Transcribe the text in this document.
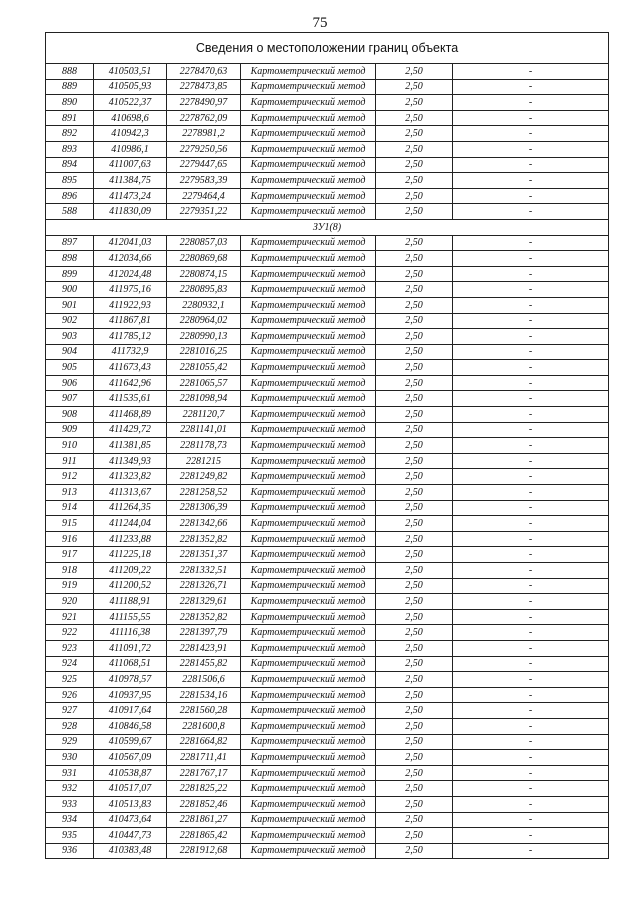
75
Сведения о местоположении границ объекта					
888	410503,51	2278470,63	Картометрический метод	2,50	-
889	410505,93	2278473,85	Картометрический метод	2,50	-
890	410522,37	2278490,97	Картометрический метод	2,50	-
891	410698,6	2278762,09	Картометрический метод	2,50	-
892	410942,3	2278981,2	Картометрический метод	2,50	-
893	410986,1	2279250,56	Картометрический метод	2,50	-
894	411007,63	2279447,65	Картометрический метод	2,50	-
895	411384,75	2279583,39	Картометрический метод	2,50	-
896	411473,24	2279464,4	Картометрический метод	2,50	-
588	411830,09	2279351,22	Картометрический метод	2,50	-
ЗУ1(8)					
897	412041,03	2280857,03	Картометрический метод	2,50	-
898	412034,66	2280869,68	Картометрический метод	2,50	-
899	412024,48	2280874,15	Картометрический метод	2,50	-
900	411975,16	2280895,83	Картометрический метод	2,50	-
901	411922,93	2280932,1	Картометрический метод	2,50	-
902	411867,81	2280964,02	Картометрический метод	2,50	-
903	411785,12	2280990,13	Картометрический метод	2,50	-
904	411732,9	2281016,25	Картометрический метод	2,50	-
905	411673,43	2281055,42	Картометрический метод	2,50	-
906	411642,96	2281065,57	Картометрический метод	2,50	-
907	411535,61	2281098,94	Картометрический метод	2,50	-
908	411468,89	2281120,7	Картометрический метод	2,50	-
909	411429,72	2281141,01	Картометрический метод	2,50	-
910	411381,85	2281178,73	Картометрический метод	2,50	-
911	411349,93	2281215	Картометрический метод	2,50	-
912	411323,82	2281249,82	Картометрический метод	2,50	-
913	411313,67	2281258,52	Картометрический метод	2,50	-
914	411264,35	2281306,39	Картометрический метод	2,50	-
915	411244,04	2281342,66	Картометрический метод	2,50	-
916	411233,88	2281352,82	Картометрический метод	2,50	-
917	411225,18	2281351,37	Картометрический метод	2,50	-
918	411209,22	2281332,51	Картометрический метод	2,50	-
919	411200,52	2281326,71	Картометрический метод	2,50	-
920	411188,91	2281329,61	Картометрический метод	2,50	-
921	411155,55	2281352,82	Картометрический метод	2,50	-
922	411116,38	2281397,79	Картометрический метод	2,50	-
923	411091,72	2281423,91	Картометрический метод	2,50	-
924	411068,51	2281455,82	Картометрический метод	2,50	-
925	410978,57	2281506,6	Картометрический метод	2,50	-
926	410937,95	2281534,16	Картометрический метод	2,50	-
927	410917,64	2281560,28	Картометрический метод	2,50	-
928	410846,58	2281600,8	Картометрический метод	2,50	-
929	410599,67	2281664,82	Картометрический метод	2,50	-
930	410567,09	2281711,41	Картометрический метод	2,50	-
931	410538,87	2281767,17	Картометрический метод	2,50	-
932	410517,07	2281825,22	Картометрический метод	2,50	-
933	410513,83	2281852,46	Картометрический метод	2,50	-
934	410473,64	2281861,27	Картометрический метод	2,50	-
935	410447,73	2281865,42	Картометрический метод	2,50	-
936	410383,48	2281912,68	Картометрический метод	2,50	-
